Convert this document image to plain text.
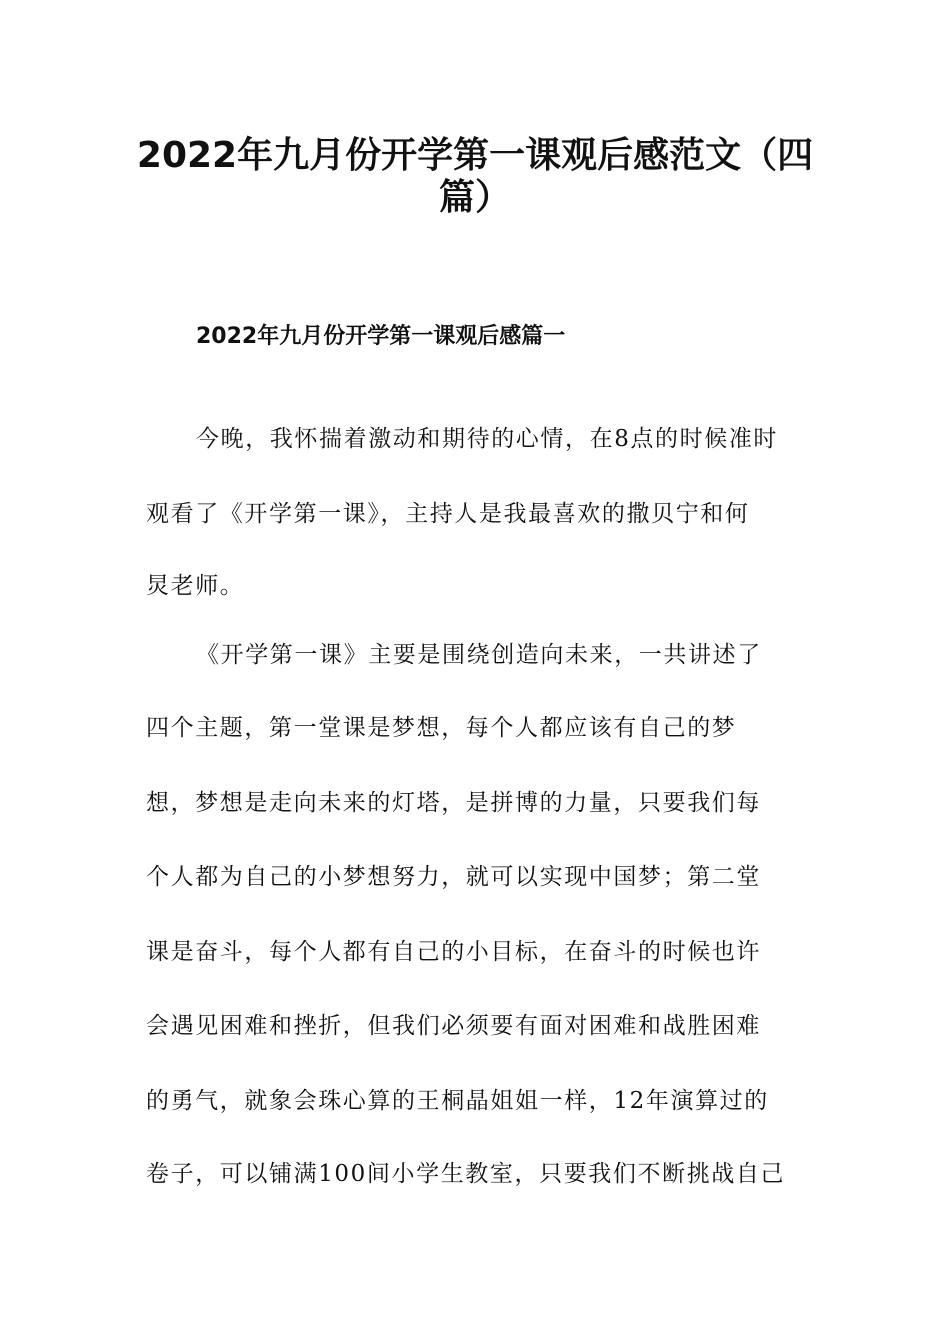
2022年九月份开学第一课观后感范文（四
篇）
2022年九月份开学第一课观后感篇一
今晚，我怀揣着激动和期待的心情，在8点的时候准时
观看了《开学第一课》，主持人是我最喜欢的撒贝宁和何
炅老师。
《开学第一课》主要是围绕创造向未来，一共讲述了
四个主题，第一堂课是梦想，每个人都应该有自己的梦
想，梦想是走向未来的灯塔，是拼博的力量，只要我们每
个人都为自己的小梦想努力，就可以实现中国梦；第二堂
课是奋斗，每个人都有自己的小目标，在奋斗的时候也许
会遇见困难和挫折，但我们必须要有面对困难和战胜困难
的勇气，就象会珠心算的王桐晶姐姐一样，12年演算过的
卷子，可以铺满100间小学生教室，只要我们不断挑战自己
